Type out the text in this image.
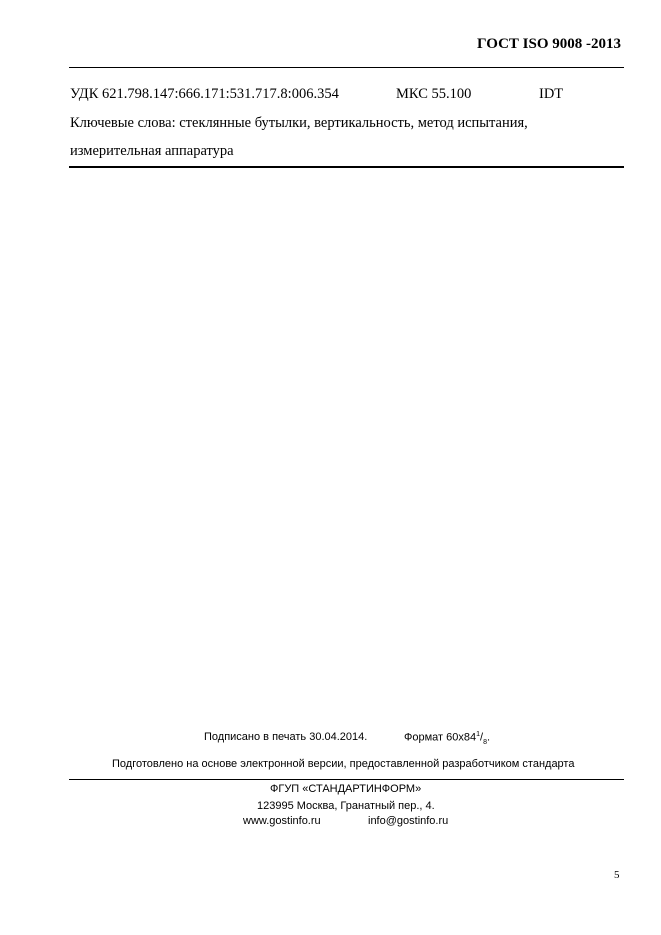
ГОСТ ISO 9008 -2013
УДК 621.798.147:666.171:531.717.8:006.354	МКС 55.100	IDT
Ключевые слова: стеклянные бутылки, вертикальность, метод испытания,
измерительная аппаратура
Подписано в печать 30.04.2014.	Формат $60х84^1/_8$.
Подготовлено на основе электронной версии, предоставленной разработчиком стандарта
ФГУП «СТАНДАРТИНФОРМ»
123995 Москва, Гранатный пер., 4.
www.gostinfo.ru	info@gostinfo.ru
5
